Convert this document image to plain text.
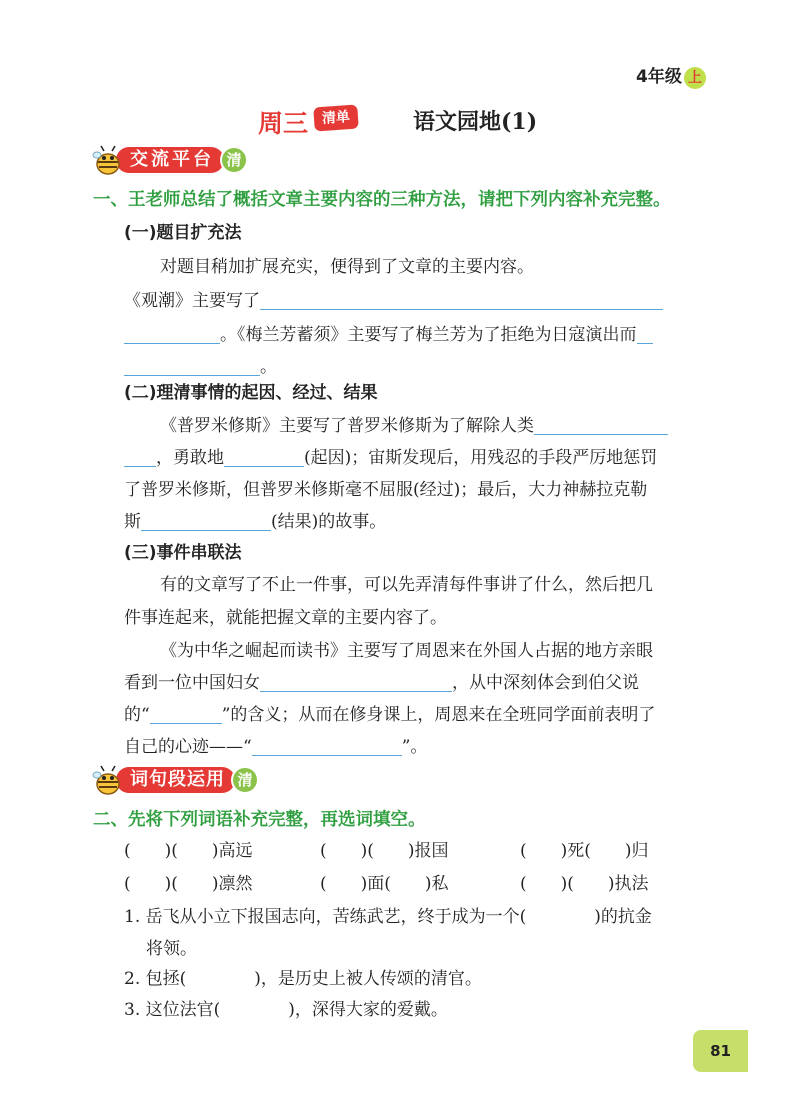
4年级 上
周三 清单	语文园地(1)
交流平台 清
一、王老师总结了概括文章主要内容的三种方法，请把下列内容补充完整。
(一)题目扩充法
对题目稍加扩展充实，便得到了文章的主要内容。
《观潮》主要写了
。《梅兰芳蓄须》主要写了梅兰芳为了拒绝为日寇演出而
。
(二)理清事情的起因、经过、结果
《普罗米修斯》主要写了普罗米修斯为了解除人类
，勇敢地	(起因)；宙斯发现后，用残忍的手段严厉地惩罚
了普罗米修斯，但普罗米修斯毫不屈服(经过)；最后，大力神赫拉克勒
斯	(结果)的故事。
(三)事件串联法
有的文章写了不止一件事，可以先弄清每件事讲了什么，然后把几
件事连起来，就能把握文章的主要内容了。
《为中华之崛起而读书》主要写了周恩来在外国人占据的地方亲眼
看到一位中国妇女	，从中深刻体会到伯父说
的“	”的含义；从而在修身课上，周恩来在全班同学面前表明了
自己的心迹——“	”。
词句段运用 清
二、先将下列词语补充完整，再选词填空。
(　　)(　　)高远	(　　)(　　)报国	(　　)死(　　)归
(　　)(　　)凛然	(　　)面(　　)私	(　　)(　　)执法
1. 岳飞从小立下报国志向，苦练武艺，终于成为一个(　　　　)的抗金
将领。
2. 包拯(　　　　)，是历史上被人传颂的清官。
3. 这位法官(　　　　)，深得大家的爱戴。
81
